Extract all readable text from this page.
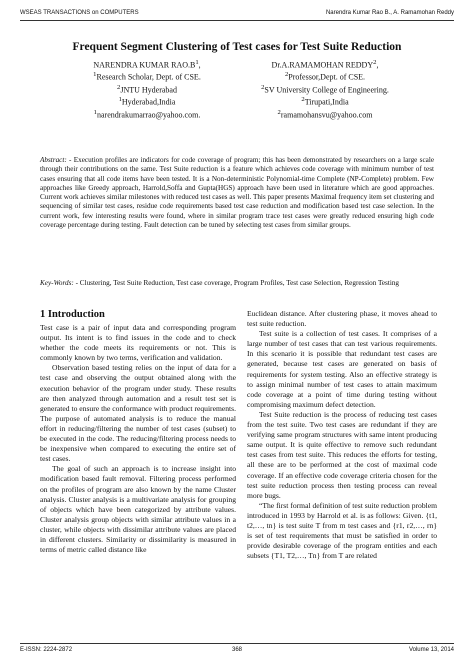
WSEAS TRANSACTIONS on COMPUTERS	Narendra Kumar Rao B., A. Ramamohan Reddy
Frequent Segment Clustering of Test cases for Test Suite Reduction
NARENDRA KUMAR $RAO.B^1$,
$^1$Research Scholar, Dept. of CSE.
$^2$JNTU Hyderabad
$^1$Hyderabad,India
$^1$narendrakumarrao@yahoo.com.
Dr.A.RAMAMOHAN REDDY$^2$,
$^2$Professor,Dept. of CSE.
$^2$SV University College of Engineering.
$^2$Tirupati,India
$^2$ramamohansvu@yahoo.com
Abstract: - Execution profiles are indicators for code coverage of program; this has been demonstrated by researchers on a large scale through their contributions on the same. Test Suite reduction is a feature which achieves code coverage with minimum number of test cases ensuring that all code items have been tested. It is a Non-deterministic Polynomial-time Complete (NP-Complete) problem. Few approaches like Greedy approach, Harrold,Soffa and Gupta(HGS) approach have been used in literature which are good approaches. Current work achieves similar milestones with reduced test cases as well. This paper presents Maximal frequency item set clustering and sequencing of similar test cases, residue code requirements based test case reduction and modification based test case selection. In the current work, few interesting results were found, where in similar program trace test cases were greatly reduced ensuring high code coverage percentage during testing. Fault detection can be tuned by selecting test cases from similar groups.
Key-Words: - Clustering, Test Suite Reduction, Test case coverage, Program Profiles, Test case Selection, Regression Testing
1 Introduction

Test case is a pair of input data and corresponding program output. Its intent is to find issues in the code and to check whether the code meets its requirements or not. This is commonly known by two terms, verification and validation.

Observation based testing relies on the input of data for a test case and observing the output obtained along with the execution behavior of the program under study. These results are then analyzed through automation and a result test set is generated to ensure the conformance with product requirements. The purpose of automated analysis is to reduce the manual effort in reducing/filtering the number of test cases (subset) to be executed in the code. The reducing/filtering process needs to be inexpensive when compared to executing the entire set of test cases.

The goal of such an approach is to increase insight into modification based fault removal. Filtering process performed on the profiles of program are also known by the name Cluster analysis. Cluster analysis is a multivariate analysis for grouping of objects which have been categorized by attribute values. Cluster analysis group objects with similar attribute values in a cluster, while objects with dissimilar attribute values are placed in different clusters. Similarity or dissimilarity is measured in terms of metric called distance like

Euclidean distance. After clustering phase, it moves ahead to test suite reduction.

Test suite is a collection of test cases. It comprises of a large number of test cases that can test various requirements. In this scenario it is possible that redundant test cases are generated, because test cases are generated on basis of requirements for system testing. Also an effective strategy is to assign minimal number of test cases to attain maximum code coverage at a point of time during testing without compromising maximum defect detection.

Test Suite reduction is the process of reducing test cases from the test suite. Two test cases are redundant if they are verifying same program structures with same intent producing same output. It is quite effective to remove such redundant test cases from test suite. This reduces the efforts for testing, all these are to be performed at the cost of maximal code coverage. If an effective code coverage criteria chosen for the test suite reduction process then testing process can reveal more bugs.

“The first formal definition of test suite reduction problem introduced in 1993 by Harrold et al. is as follows: Given. {t1, t2,…, tn} is test suite T from m test cases and {r1, r2,…, rn} is set of test requirements that must be satisfied in order to provide desirable coverage of the program entities and each subsets {T1, T2,…, Tn} from T are related

E-ISSN: 2224-2872	368	Volume 13, 2014
